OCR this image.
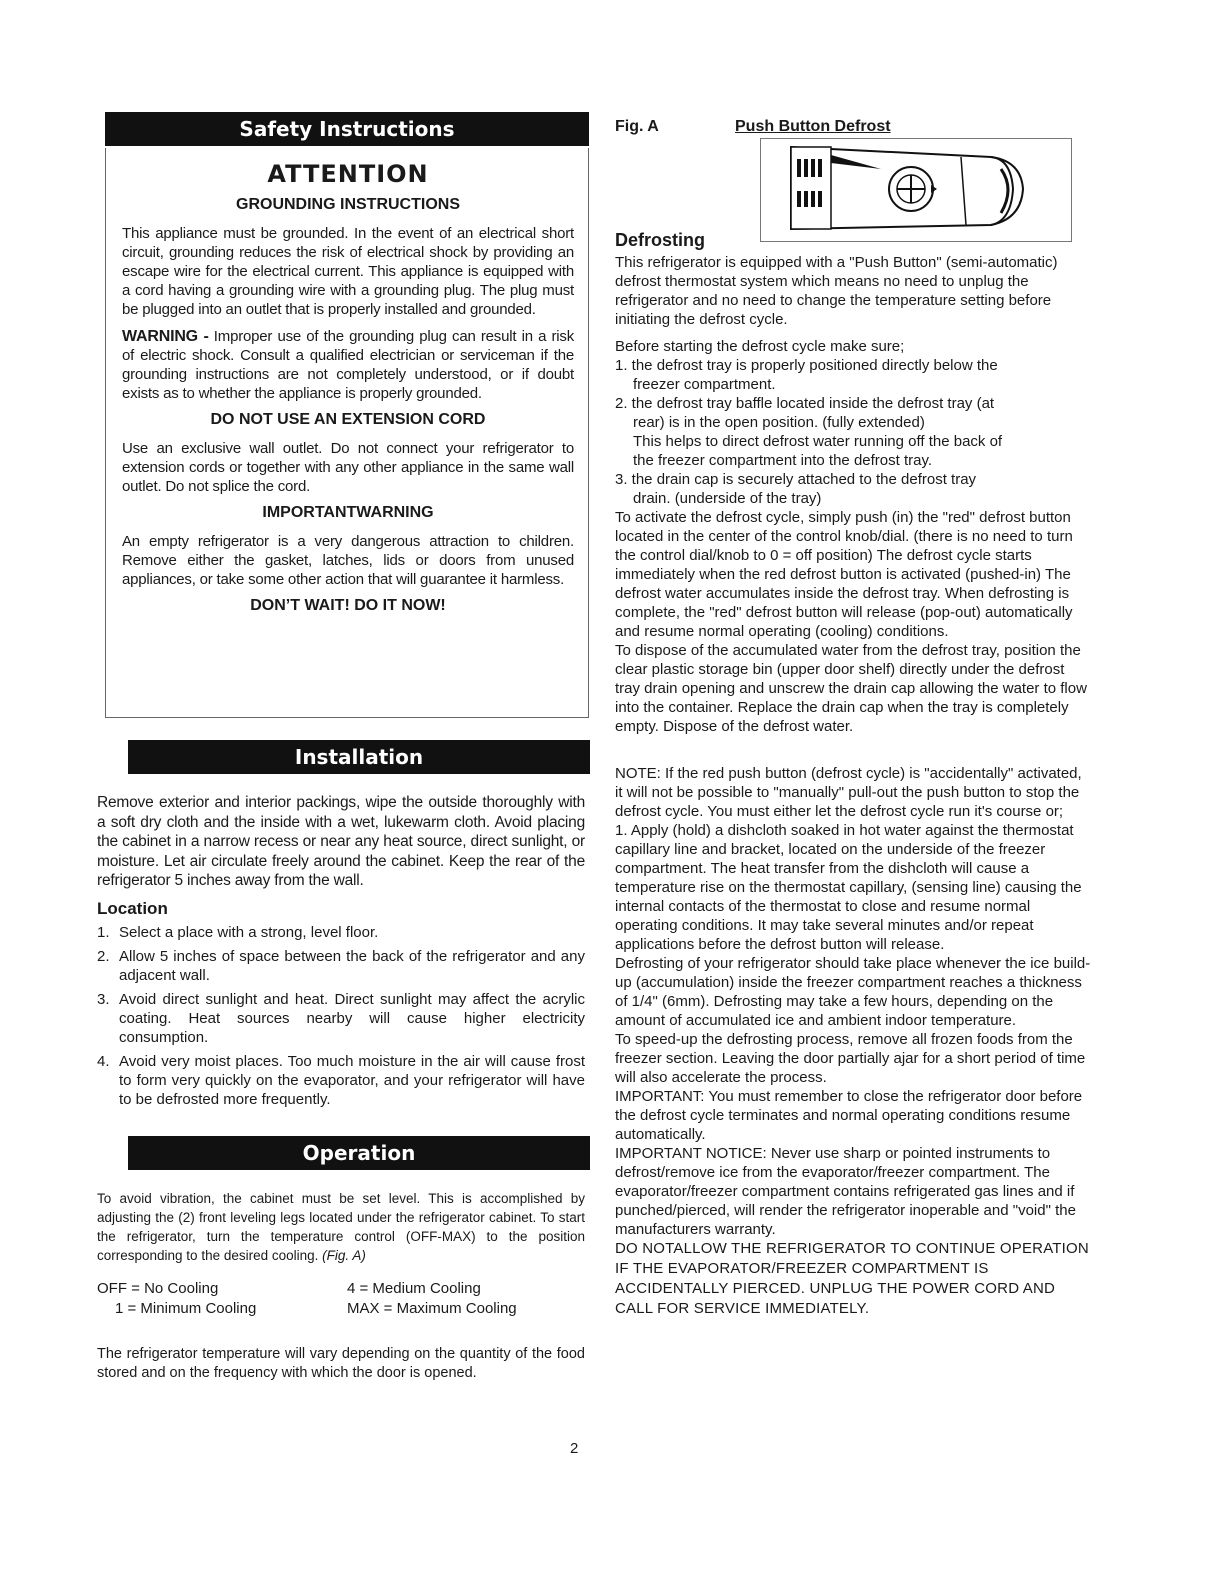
Safety Instructions
ATTENTION
GROUNDING INSTRUCTIONS

This appliance must be grounded. In the event of an electrical short circuit, grounding reduces the risk of electrical shock by providing an escape wire for the electrical current. This appliance is equipped with a cord having a grounding wire with a grounding plug. The plug must be plugged into an outlet that is properly installed and grounded.

WARNING - Improper use of the grounding plug can result in a risk of electric shock. Consult a qualified electrician or serviceman if the grounding instructions are not completely understood, or if doubt exists as to whether the appliance is properly grounded.

DO NOT USE AN EXTENSION CORD

Use an exclusive wall outlet. Do not connect your refrigerator to extension cords or together with any other appliance in the same wall outlet. Do not splice the cord.

IMPORTANTWARNING

An empty refrigerator is a very dangerous attraction to children. Remove either the gasket, latches, lids or doors from unused appliances, or take some other action that will guarantee it harmless.

DON’T WAIT! DO IT NOW!
Installation

Remove exterior and interior packings, wipe the outside thoroughly with a soft dry cloth and the inside with a wet, lukewarm cloth. Avoid placing the cabinet in a narrow recess or near any heat source, direct sunlight, or moisture. Let air circulate freely around the cabinet. Keep the rear of the refrigerator 5 inches away from the wall.

Location
1. Select a place with a strong, level floor.
2. Allow 5 inches of space between the back of the refrigerator and any adjacent wall.
3. Avoid direct sunlight and heat. Direct sunlight may affect the acrylic coating. Heat sources nearby will cause higher electricity consumption.
4. Avoid very moist places. Too much moisture in the air will cause frost to form very quickly on the evaporator, and your refrigerator will have to be defrosted more frequently.
Operation

To avoid vibration, the cabinet must be set level. This is accomplished by adjusting the (2) front leveling legs located under the refrigerator cabinet. To start the refrigerator, turn the temperature control (OFF-MAX) to the position corresponding to the desired cooling. (Fig. A)

OFF = No Cooling	4 = Medium Cooling
1 = Minimum Cooling	MAX = Maximum Cooling

The refrigerator temperature will vary depending on the quantity of the food stored and on the frequency with which the door is opened.

2
Fig. A	Push Button Defrost
Defrosting

This refrigerator is equipped with a "Push Button" (semi-automatic) defrost thermostat system which means no need to unplug the refrigerator and no need to change the temperature setting before initiating the defrost cycle.

Before starting the defrost cycle make sure;

1. the defrost tray is properly positioned directly below the

freezer compartment.

2. the defrost tray baffle located inside the defrost tray (at

rear) is in the open position. (fully extended)

This helps to direct defrost water running off the back of

the freezer compartment into the defrost tray.

3. the drain cap is securely attached to the defrost tray

drain. (underside of the tray)

To activate the defrost cycle, simply push (in) the "red" defrost button located in the center of the control knob/dial. (there is no need to turn the control dial/knob to 0 = off position) The defrost cycle starts immediately when the red defrost button is activated (pushed-in) The defrost water accumulates inside the defrost tray. When defrosting is complete, the "red" defrost button will release (pop-out) automatically and resume normal operating (cooling) conditions.

To dispose of the accumulated water from the defrost tray, position the clear plastic storage bin (upper door shelf) directly under the defrost tray drain opening and unscrew the drain cap allowing the water to flow into the container. Replace the drain cap when the tray is completely empty. Dispose of the defrost water.

NOTE: If the red push button (defrost cycle) is "accidentally" activated, it will not be possible to "manually" pull-out the push button to stop the defrost cycle. You must either let the defrost cycle run it's course or;

1. Apply (hold) a dishcloth soaked in hot water against the thermostat capillary line and bracket, located on the underside of the freezer compartment. The heat transfer from the dishcloth will cause a temperature rise on the thermostat capillary, (sensing line) causing the internal contacts of the thermostat to close and resume normal operating conditions. It may take several minutes and/or repeat applications before the defrost button will release.

Defrosting of your refrigerator should take place whenever the ice build-up (accumulation) inside the freezer compartment reaches a thickness of 1/4" (6mm). Defrosting may take a few hours, depending on the amount of accumulated ice and ambient indoor temperature.

To speed-up the defrosting process, remove all frozen foods from the freezer section. Leaving the door partially ajar for a short period of time will also accelerate the process.

IMPORTANT: You must remember to close the refrigerator door before the defrost cycle terminates and normal operating conditions resume automatically.

IMPORTANT NOTICE: Never use sharp or pointed instruments to defrost/remove ice from the evaporator/freezer compartment. The evaporator/freezer compartment contains refrigerated gas lines and if punched/pierced, will render the refrigerator inoperable and "void" the manufacturers warranty.

DO NOTALLOW THE REFRIGERATOR TO CONTINUE OPERATION IF THE EVAPORATOR/FREEZER COMPARTMENT IS ACCIDENTALLY PIERCED. UNPLUG THE POWER CORD AND CALL FOR SERVICE IMMEDIATELY.
